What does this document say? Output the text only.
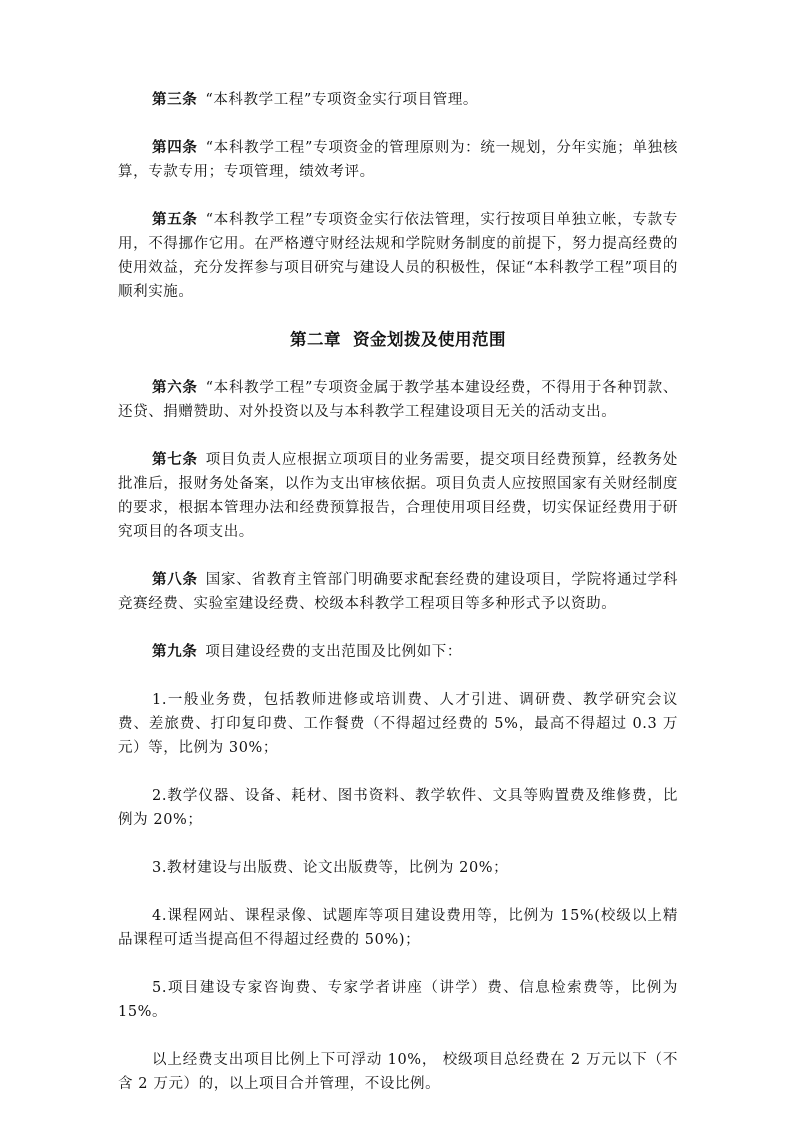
第三条 “本科教学工程”专项资金实行项目管理。

第四条 “本科教学工程”专项资金的管理原则为：统一规划，分年实施；单独核算，专款专用；专项管理，绩效考评。

第五条 “本科教学工程”专项资金实行依法管理，实行按项目单独立帐，专款专用，不得挪作它用。在严格遵守财经法规和学院财务制度的前提下，努力提高经费的使用效益，充分发挥参与项目研究与建设人员的积极性，保证“本科教学工程”项目的顺利实施。

第二章 资金划拨及使用范围

第六条 “本科教学工程”专项资金属于教学基本建设经费，不得用于各种罚款、还贷、捐赠赞助、对外投资以及与本科教学工程建设项目无关的活动支出。

第七条 项目负责人应根据立项项目的业务需要，提交项目经费预算，经教务处批准后，报财务处备案，以作为支出审核依据。项目负责人应按照国家有关财经制度的要求，根据本管理办法和经费预算报告，合理使用项目经费，切实保证经费用于研究项目的各项支出。

第八条 国家、省教育主管部门明确要求配套经费的建设项目，学院将通过学科竞赛经费、实验室建设经费、校级本科教学工程项目等多种形式予以资助。

第九条 项目建设经费的支出范围及比例如下：

1.一般业务费，包括教师进修或培训费、人才引进、调研费、教学研究会议费、差旅费、打印复印费、工作餐费（不得超过经费的 5%，最高不得超过 0.3 万元）等，比例为 30%；

2.教学仪器、设备、耗材、图书资料、教学软件、文具等购置费及维修费，比例为 20%；

3.教材建设与出版费、论文出版费等，比例为 20%；

4.课程网站、课程录像、试题库等项目建设费用等，比例为 15%(校级以上精品课程可适当提高但不得超过经费的 50%)；

5.项目建设专家咨询费、专家学者讲座（讲学）费、信息检索费等，比例为 15%。

以上经费支出项目比例上下可浮动 10%， 校级项目总经费在 2 万元以下（不含 2 万元）的，以上项目合并管理，不设比例。
